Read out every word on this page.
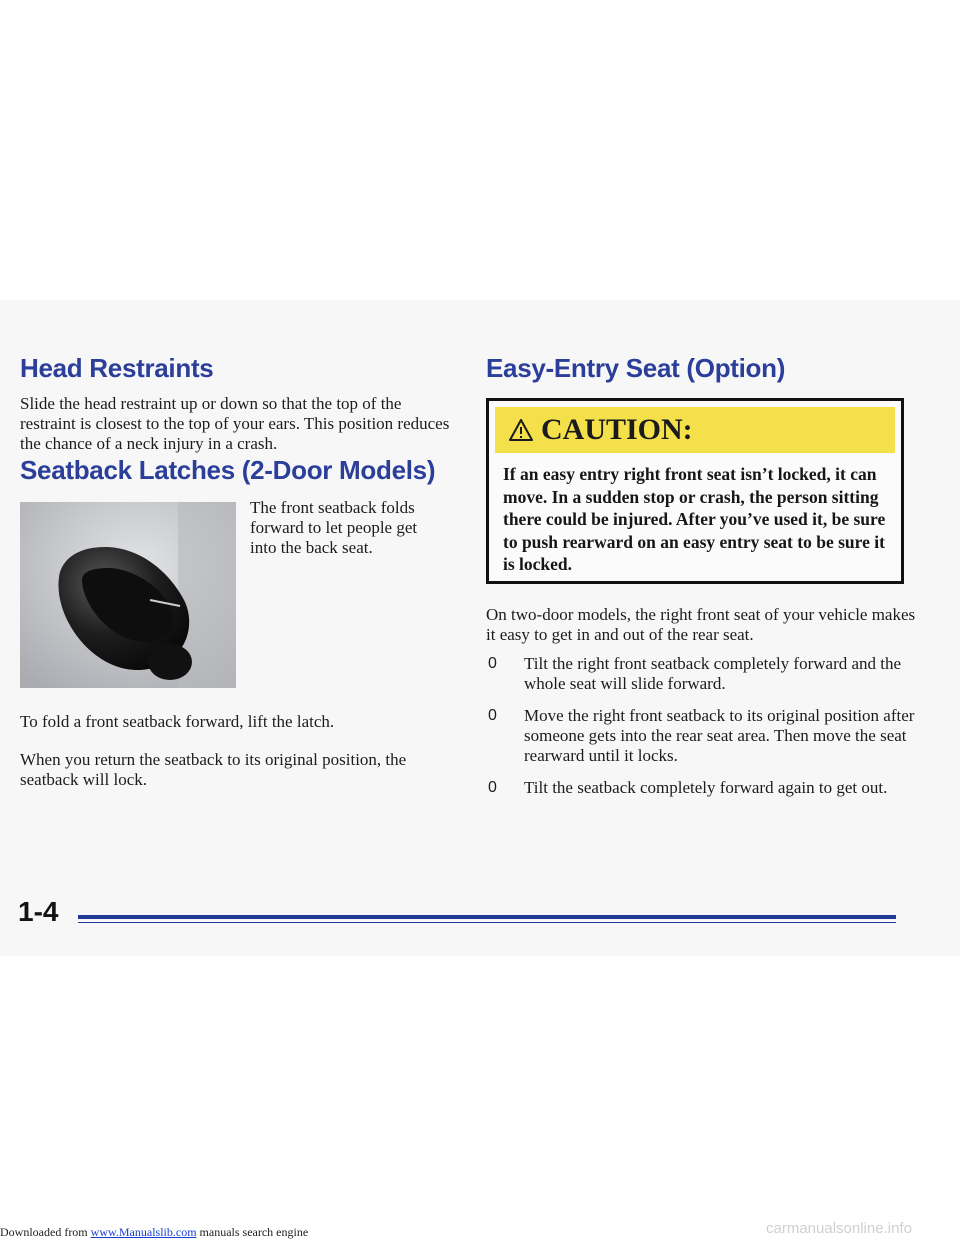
Head Restraints

Slide the head restraint up or down so that the top of the restraint is closest to the top of your ears. This position reduces the chance of a neck injury in a crash.

Seatback Latches (2-Door Models)

The front seatback folds forward to let people get into the back seat.

To fold a front seatback forward, lift the latch.

When you return the seatback to its original position, the seatback will lock.

Easy-Entry Seat (Option)
CAUTION:
If an easy entry right front seat isn’t locked, it can move. In a sudden stop or crash, the person sitting there could be injured. After you’ve used it, be sure to push rearward on an easy entry seat to be sure it is locked.

On two-door models, the right front seat of your vehicle makes it easy to get in and out of the rear seat.

0 Tilt the right front seatback completely forward and the whole seat will slide forward.
0 Move the right front seatback to its original position after someone gets into the rear seat area. Then move the seat rearward until it locks.
0 Tilt the seatback completely forward again to get out.
1-4
Downloaded from www.Manualslib.com manuals search engine	carmanualsonline.info
